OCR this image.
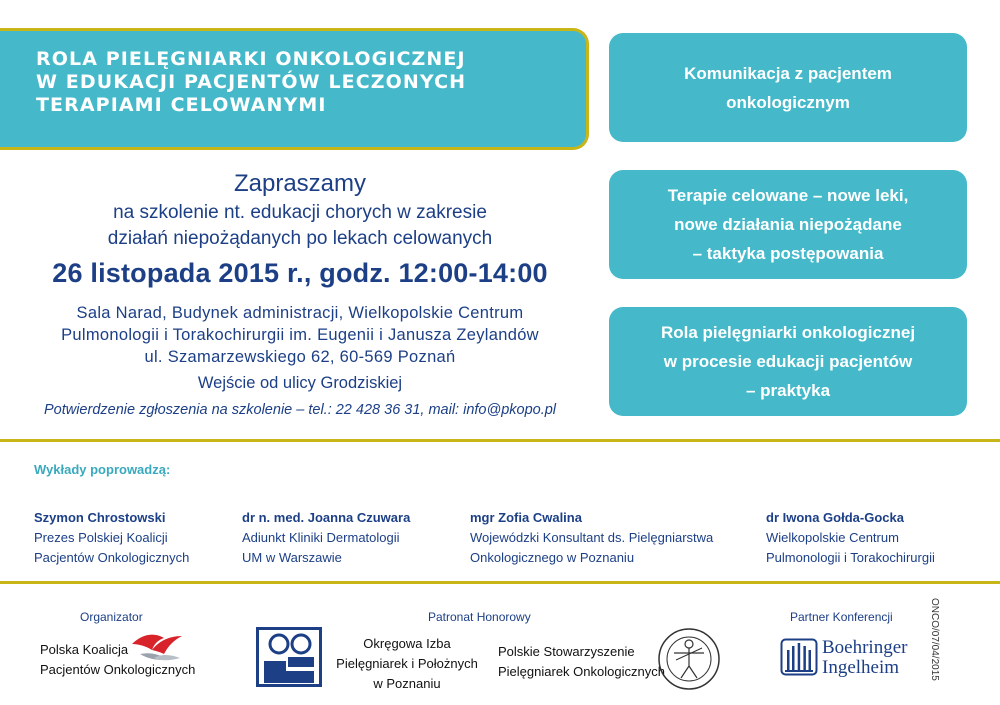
ROLA PIELĘGNIARKI ONKOLOGICZNEJ
W EDUKACJI PACJENTÓW LECZONYCH
TERAPIAMI CELOWANYMI
Komunikacja z pacjentem
onkologicznym
Terapie celowane – nowe leki,
nowe działania niepożądane
– taktyka postępowania
Rola pielęgniarki onkologicznej
w procesie edukacji pacjentów
– praktyka
Zapraszamy
na szkolenie nt. edukacji chorych w zakresie
działań niepożądanych po lekach celowanych
26 listopada 2015 r., godz. 12:00-14:00
Sala Narad, Budynek administracji, Wielkopolskie Centrum
Pulmonologii i Torakochirurgii im. Eugenii i Janusza Zeylandów
ul. Szamarzewskiego 62, 60-569 Poznań
Wejście od ulicy Grodziskiej
Potwierdzenie zgłoszenia na szkolenie – tel.: 22 428 36 31, mail: info@pkopo.pl
Wykłady poprowadzą:
Szymon Chrostowski
Prezes Polskiej Koalicji
Pacjentów Onkologicznych
dr n. med. Joanna Czuwara
Adiunkt Kliniki Dermatologii
UM w Warszawie
mgr Zofia Cwalina
Wojewódzki Konsultant ds. Pielęgniarstwa
Onkologicznego w Poznaniu
dr Iwona Gołda-Gocka
Wielkopolskie Centrum
Pulmonologii i Torakochirurgii
Organizator
Polska Koalicja
Pacjentów Onkologicznych
Patronat Honorowy
Okręgowa Izba
Pielęgniarek i Położnych
w Poznaniu
Polskie Stowarzyszenie
Pielęgniarek Onkologicznych
Partner Konferencji
Boehringer
Ingelheim	ONCO/07/04/2015
